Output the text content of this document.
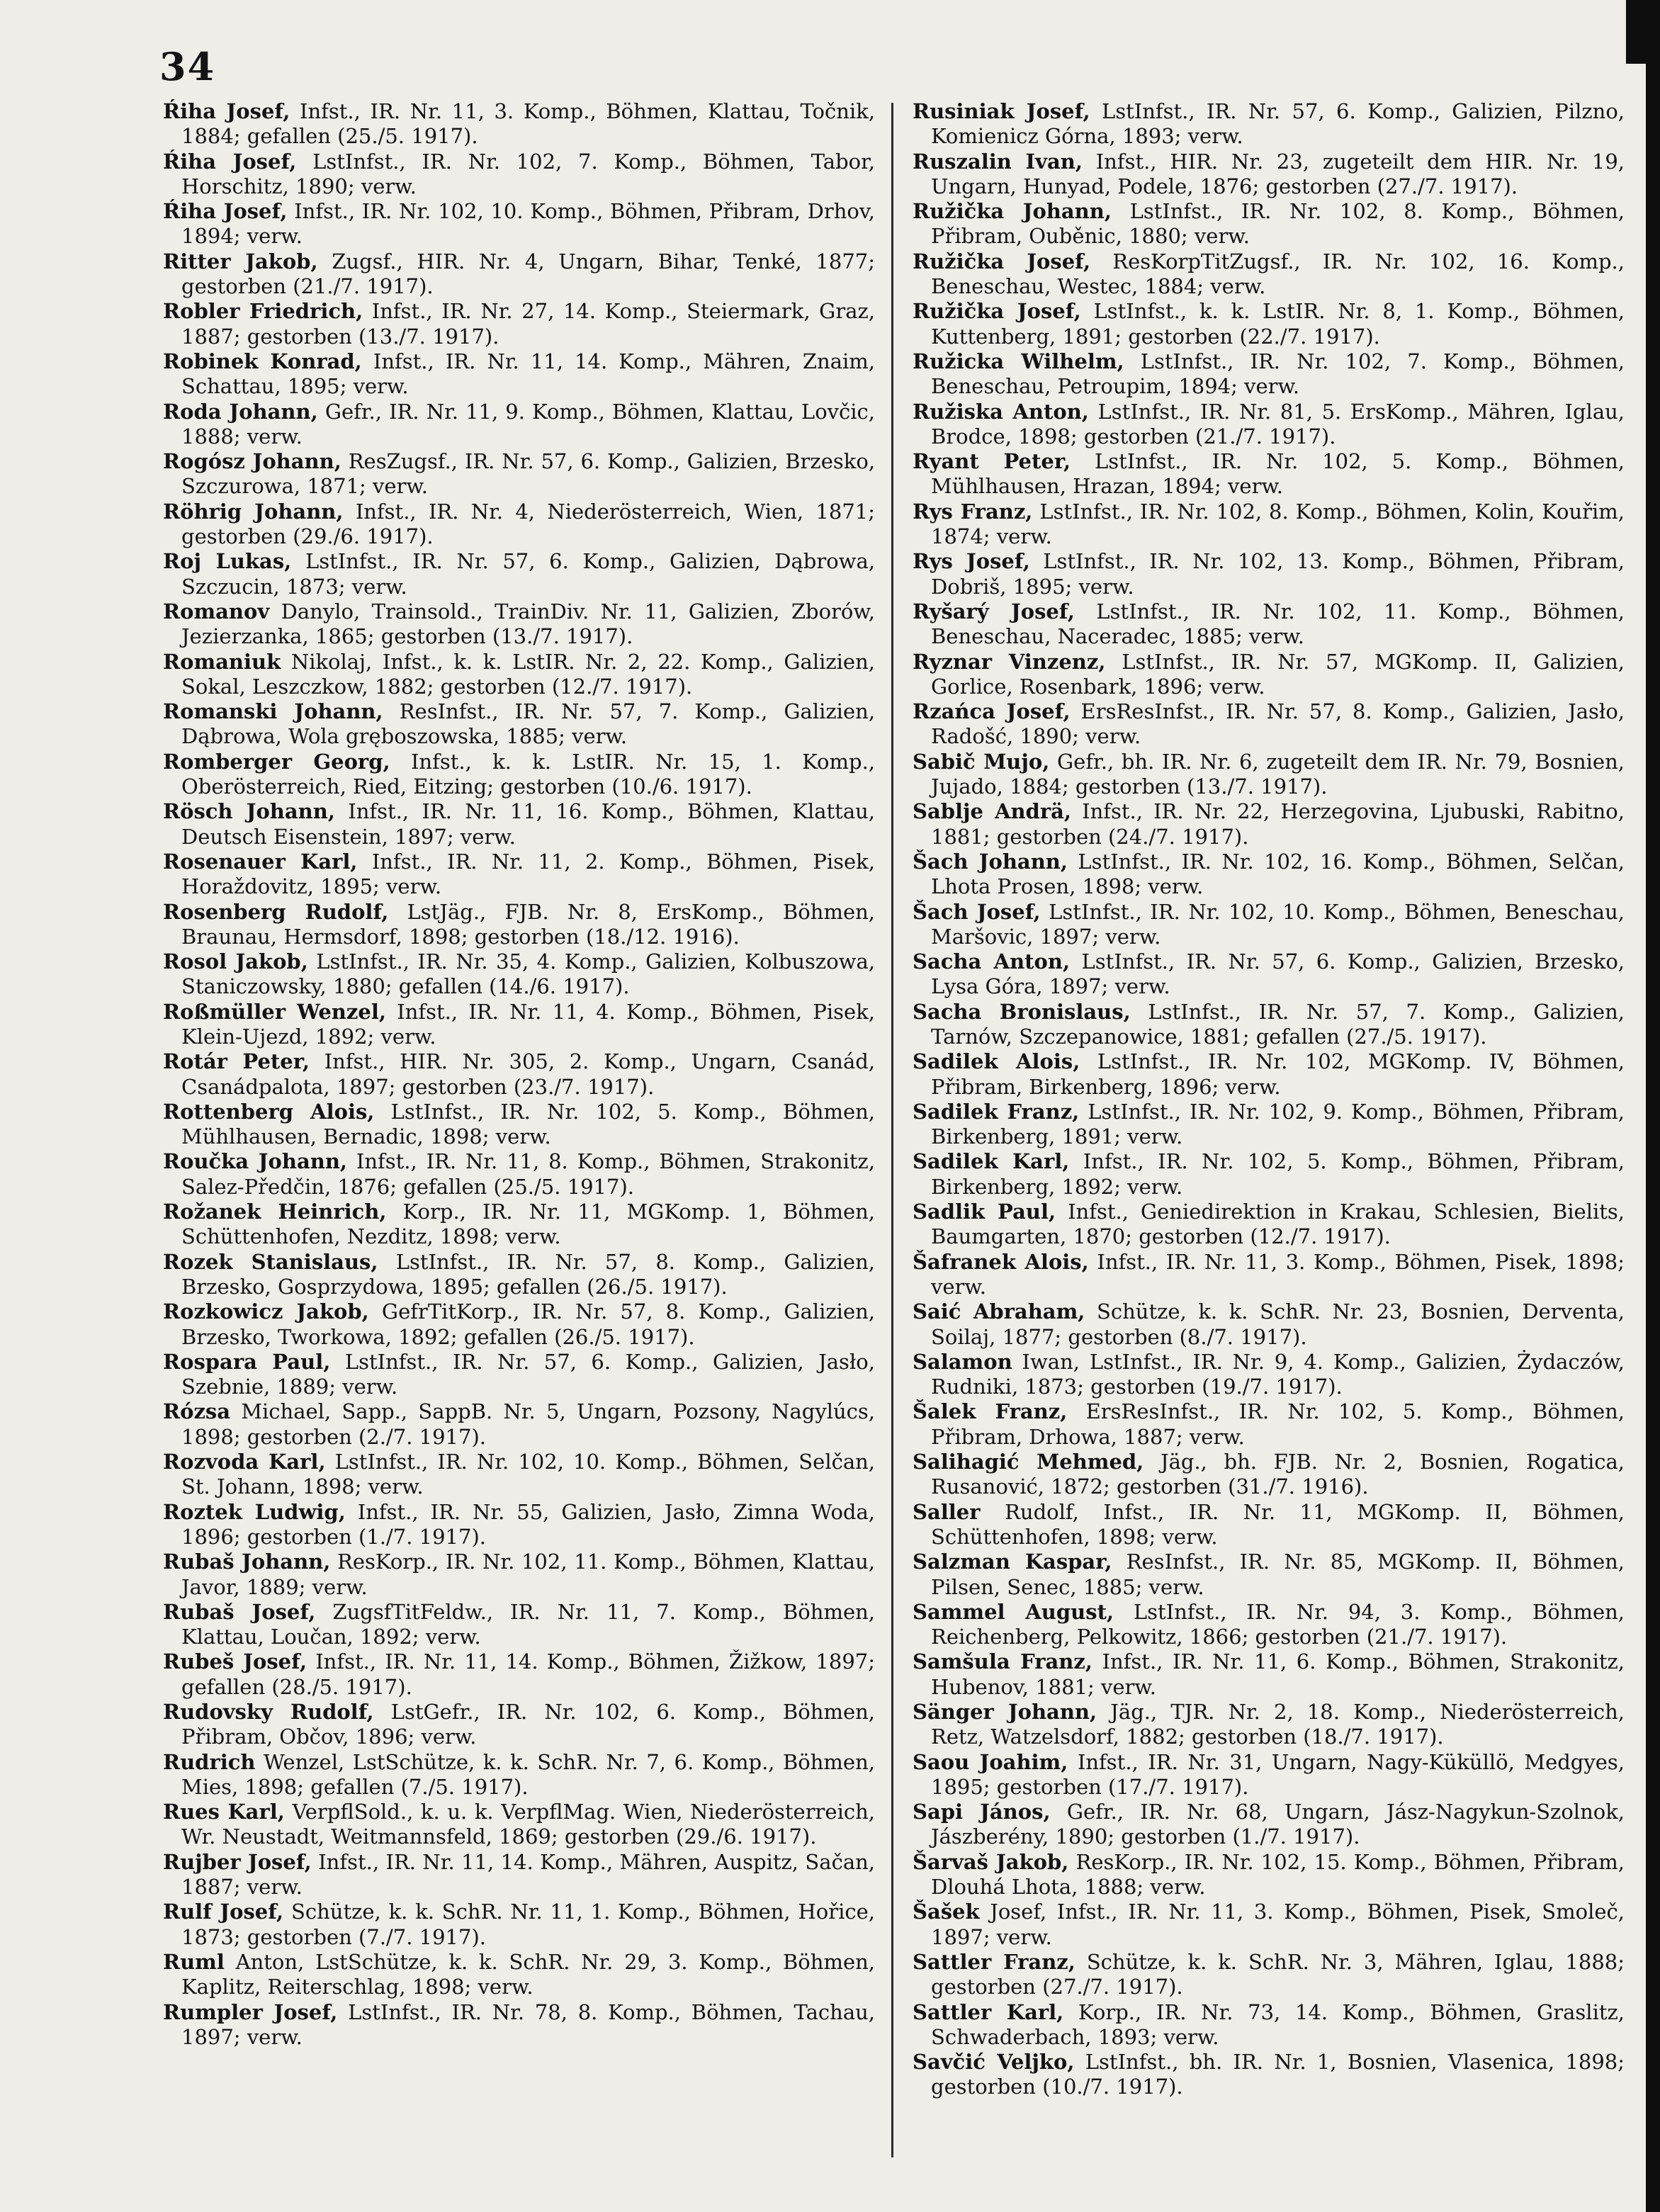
34

Ŕiha Josef, Infst., IR. Nr. 11, 3. Komp., Böhmen, Klattau, Točnik, 1884; gefallen (25./5. 1917).

Ŕiha Josef, LstInfst., IR. Nr. 102, 7. Komp., Böhmen, Tabor, Horschitz, 1890; verw.

Ŕiha Josef, Infst., IR. Nr. 102, 10. Komp., Böhmen, Přibram, Drhov, 1894; verw.

Ritter Jakob, Zugsf., HIR. Nr. 4, Ungarn, Bihar, Tenké, 1877; gestorben (21./7. 1917).

Robler Friedrich, Infst., IR. Nr. 27, 14. Komp., Steiermark, Graz, 1887; gestorben (13./7. 1917).

Robinek Konrad, Infst., IR. Nr. 11, 14. Komp., Mähren, Znaim, Schattau, 1895; verw.

Roda Johann, Gefr., IR. Nr. 11, 9. Komp., Böhmen, Klattau, Lovčic, 1888; verw.

Rogósz Johann, ResZugsf., IR. Nr. 57, 6. Komp., Galizien, Brzesko, Szczurowa, 1871; verw.

Röhrig Johann, Infst., IR. Nr. 4, Niederösterreich, Wien, 1871; gestorben (29./6. 1917).

Roj Lukas, LstInfst., IR. Nr. 57, 6. Komp., Galizien, Dąbrowa, Szczucin, 1873; verw.

Romanov Danylo, Trainsold., TrainDiv. Nr. 11, Galizien, Zborów, Jezierzanka, 1865; gestorben (13./7. 1917).

Romaniuk Nikolaj, Infst., k. k. LstIR. Nr. 2, 22. Komp., Galizien, Sokal, Leszczkow, 1882; gestorben (12./7. 1917).

Romanski Johann, ResInfst., IR. Nr. 57, 7. Komp., Galizien, Dąbrowa, Wola gręboszowska, 1885; verw.

Romberger Georg, Infst., k. k. LstIR. Nr. 15, 1. Komp., Oberösterreich, Ried, Eitzing; gestorben (10./6. 1917).

Rösch Johann, Infst., IR. Nr. 11, 16. Komp., Böhmen, Klattau, Deutsch Eisenstein, 1897; verw.

Rosenauer Karl, Infst., IR. Nr. 11, 2. Komp., Böhmen, Pisek, Horaždovitz, 1895; verw.

Rosenberg Rudolf, LstJäg., FJB. Nr. 8, ErsKomp., Böhmen, Braunau, Hermsdorf, 1898; gestorben (18./12. 1916).

Rosol Jakob, LstInfst., IR. Nr. 35, 4. Komp., Galizien, Kolbuszowa, Staniczowsky, 1880; gefallen (14./6. 1917).

Roßmüller Wenzel, Infst., IR. Nr. 11, 4. Komp., Böhmen, Pisek, Klein-Ujezd, 1892; verw.

Rotár Peter, Infst., HIR. Nr. 305, 2. Komp., Ungarn, Csanád, Csanádpalota, 1897; gestorben (23./7. 1917).

Rottenberg Alois, LstInfst., IR. Nr. 102, 5. Komp., Böhmen, Mühlhausen, Bernadic, 1898; verw.

Roučka Johann, Infst., IR. Nr. 11, 8. Komp., Böhmen, Strakonitz, Salez-Předčin, 1876; gefallen (25./5. 1917).

Rožanek Heinrich, Korp., IR. Nr. 11, MGKomp. 1, Böhmen, Schüttenhofen, Nezditz, 1898; verw.

Rozek Stanislaus, LstInfst., IR. Nr. 57, 8. Komp., Galizien, Brzesko, Gosprzydowa, 1895; gefallen (26./5. 1917).

Rozkowicz Jakob, GefrTitKorp., IR. Nr. 57, 8. Komp., Galizien, Brzesko, Tworkowa, 1892; gefallen (26./5. 1917).

Rospara Paul, LstInfst., IR. Nr. 57, 6. Komp., Galizien, Jasło, Szebnie, 1889; verw.

Rózsa Michael, Sapp., SappB. Nr. 5, Ungarn, Pozsony, Nagylúcs, 1898; gestorben (2./7. 1917).

Rozvoda Karl, LstInfst., IR. Nr. 102, 10. Komp., Böhmen, Selčan, St. Johann, 1898; verw.

Roztek Ludwig, Infst., IR. Nr. 55, Galizien, Jasło, Zimna Woda, 1896; gestorben (1./7. 1917).

Rubaš Johann, ResKorp., IR. Nr. 102, 11. Komp., Böhmen, Klattau, Javor, 1889; verw.

Rubaš Josef, ZugsfTitFeldw., IR. Nr. 11, 7. Komp., Böhmen, Klattau, Loučan, 1892; verw.

Rubeš Josef, Infst., IR. Nr. 11, 14. Komp., Böhmen, Žižkow, 1897; gefallen (28./5. 1917).

Rudovsky Rudolf, LstGefr., IR. Nr. 102, 6. Komp., Böhmen, Přibram, Občov, 1896; verw.

Rudrich Wenzel, LstSchütze, k. k. SchR. Nr. 7, 6. Komp., Böhmen, Mies, 1898; gefallen (7./5. 1917).

Rues Karl, VerpflSold., k. u. k. VerpflMag. Wien, Niederösterreich, Wr. Neustadt, Weitmannsfeld, 1869; gestorben (29./6. 1917).

Rujber Josef, Infst., IR. Nr. 11, 14. Komp., Mähren, Auspitz, Sačan, 1887; verw.

Rulf Josef, Schütze, k. k. SchR. Nr. 11, 1. Komp., Böhmen, Hořice, 1873; gestorben (7./7. 1917).

Ruml Anton, LstSchütze, k. k. SchR. Nr. 29, 3. Komp., Böhmen, Kaplitz, Reiterschlag, 1898; verw.

Rumpler Josef, LstInfst., IR. Nr. 78, 8. Komp., Böhmen, Tachau, 1897; verw.

Rusiniak Josef, LstInfst., IR. Nr. 57, 6. Komp., Galizien, Pilzno, Komienicz Górna, 1893; verw.

Ruszalin Ivan, Infst., HIR. Nr. 23, zugeteilt dem HIR. Nr. 19, Ungarn, Hunyad, Podele, 1876; gestorben (27./7. 1917).

Ružička Johann, LstInfst., IR. Nr. 102, 8. Komp., Böhmen, Přibram, Ouběnic, 1880; verw.

Ružička Josef, ResKorpTitZugsf., IR. Nr. 102, 16. Komp., Beneschau, Westec, 1884; verw.

Ružička Josef, LstInfst., k. k. LstIR. Nr. 8, 1. Komp., Böhmen, Kuttenberg, 1891; gestorben (22./7. 1917).

Ružicka Wilhelm, LstInfst., IR. Nr. 102, 7. Komp., Böhmen, Beneschau, Petroupim, 1894; verw.

Ružiska Anton, LstInfst., IR. Nr. 81, 5. ErsKomp., Mähren, Iglau, Brodce, 1898; gestorben (21./7. 1917).

Ryant Peter, LstInfst., IR. Nr. 102, 5. Komp., Böhmen, Mühlhausen, Hrazan, 1894; verw.

Rys Franz, LstInfst., IR. Nr. 102, 8. Komp., Böhmen, Kolin, Kouřim, 1874; verw.

Rys Josef, LstInfst., IR. Nr. 102, 13. Komp., Böhmen, Přibram, Dobriš, 1895; verw.

Ryšarý Josef, LstInfst., IR. Nr. 102, 11. Komp., Böhmen, Beneschau, Naceradec, 1885; verw.

Ryznar Vinzenz, LstInfst., IR. Nr. 57, MGKomp. II, Galizien, Gorlice, Rosenbark, 1896; verw.

Rzańca Josef, ErsResInfst., IR. Nr. 57, 8. Komp., Galizien, Jasło, Radošć, 1890; verw.

Sabič Mujo, Gefr., bh. IR. Nr. 6, zugeteilt dem IR. Nr. 79, Bosnien, Jujado, 1884; gestorben (13./7. 1917).

Sablje Andrä, Infst., IR. Nr. 22, Herzegovina, Ljubuski, Rabitno, 1881; gestorben (24./7. 1917).

Šach Johann, LstInfst., IR. Nr. 102, 16. Komp., Böhmen, Selčan, Lhota Prosen, 1898; verw.

Šach Josef, LstInfst., IR. Nr. 102, 10. Komp., Böhmen, Beneschau, Maršovic, 1897; verw.

Sacha Anton, LstInfst., IR. Nr. 57, 6. Komp., Galizien, Brzesko, Lysa Góra, 1897; verw.

Sacha Bronislaus, LstInfst., IR. Nr. 57, 7. Komp., Galizien, Tarnów, Szczepanowice, 1881; gefallen (27./5. 1917).

Sadilek Alois, LstInfst., IR. Nr. 102, MGKomp. IV, Böhmen, Přibram, Birkenberg, 1896; verw.

Sadilek Franz, LstInfst., IR. Nr. 102, 9. Komp., Böhmen, Přibram, Birkenberg, 1891; verw.

Sadilek Karl, Infst., IR. Nr. 102, 5. Komp., Böhmen, Přibram, Birkenberg, 1892; verw.

Sadlik Paul, Infst., Geniedirektion in Krakau, Schlesien, Bielits, Baumgarten, 1870; gestorben (12./7. 1917).

Šafranek Alois, Infst., IR. Nr. 11, 3. Komp., Böhmen, Pisek, 1898; verw.

Saić Abraham, Schütze, k. k. SchR. Nr. 23, Bosnien, Derventa, Soilaj, 1877; gestorben (8./7. 1917).

Salamon Iwan, LstInfst., IR. Nr. 9, 4. Komp., Galizien, Żydaczów, Rudniki, 1873; gestorben (19./7. 1917).

Šalek Franz, ErsResInfst., IR. Nr. 102, 5. Komp., Böhmen, Přibram, Drhowa, 1887; verw.

Salihagić Mehmed, Jäg., bh. FJB. Nr. 2, Bosnien, Rogatica, Rusanović, 1872; gestorben (31./7. 1916).

Saller Rudolf, Infst., IR. Nr. 11, MGKomp. II, Böhmen, Schüttenhofen, 1898; verw.

Salzman Kaspar, ResInfst., IR. Nr. 85, MGKomp. II, Böhmen, Pilsen, Senec, 1885; verw.

Sammel August, LstInfst., IR. Nr. 94, 3. Komp., Böhmen, Reichenberg, Pelkowitz, 1866; gestorben (21./7. 1917).

Samšula Franz, Infst., IR. Nr. 11, 6. Komp., Böhmen, Strakonitz, Hubenov, 1881; verw.

Sänger Johann, Jäg., TJR. Nr. 2, 18. Komp., Niederösterreich, Retz, Watzelsdorf, 1882; gestorben (18./7. 1917).

Saou Joahim, Infst., IR. Nr. 31, Ungarn, Nagy-Küküllö, Medgyes, 1895; gestorben (17./7. 1917).

Sapi János, Gefr., IR. Nr. 68, Ungarn, Jász-Nagykun-Szolnok, Jászberény, 1890; gestorben (1./7. 1917).

Šarvaš Jakob, ResKorp., IR. Nr. 102, 15. Komp., Böhmen, Přibram, Dlouhá Lhota, 1888; verw.

Šašek Josef, Infst., IR. Nr. 11, 3. Komp., Böhmen, Pisek, Smoleč, 1897; verw.

Sattler Franz, Schütze, k. k. SchR. Nr. 3, Mähren, Iglau, 1888; gestorben (27./7. 1917).

Sattler Karl, Korp., IR. Nr. 73, 14. Komp., Böhmen, Graslitz, Schwaderbach, 1893; verw.

Savčić Veljko, LstInfst., bh. IR. Nr. 1, Bosnien, Vlasenica, 1898; gestorben (10./7. 1917).
